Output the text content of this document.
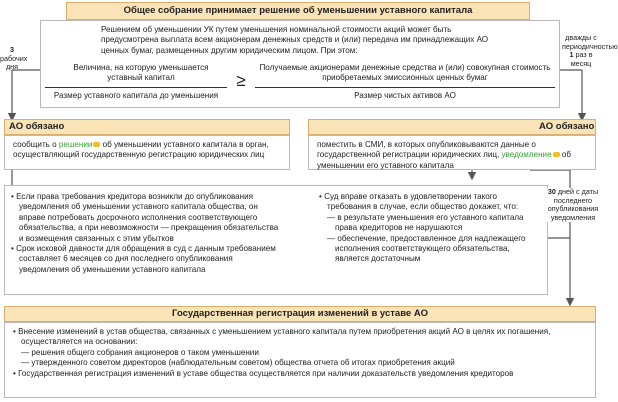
Общее собрание принимает решение об уменьшении уставного капитала
Решением об уменьшении УК путем уменьшения номинальной стоимости акций может быть предусмотрена выплата всем акционерам денежных средств и (или) передача им принадлежащих АО ценных бумаг, размещенных другим юридическим лицом. При этом:
Величина, на которую уменьшается уставный капитал
Размер уставного капитала до уменьшения
≥
Получаемые акционерами денежные средства и (или) совокупная стоимость приобретаемых эмиссионных ценных бумаг
Размер чистых активов АО
3
рабочих дня
дважды с периодичностью
1 раз в месяц
АО обязано
сообщить о решении об уменьшении уставного капитала в орган, осуществляющий государственную регистрацию юридических лиц
АО обязано
поместить в СМИ, в которых опубликовываются данные о государственной регистрации юридических лиц, уведомление об уменьшении его уставного капитала
• Если права требования кредитора возникли до опубликования уведомления об уменьшении уставного капитала общества, он вправе потребовать досрочного исполнения соответствующего обязательства, а при невозможности — прекращения обязательства и возмещения связанных с этим убытков
• Срок исковой давности для обращения в суд с данным требованием составляет 6 месяцев со дня последнего опубликования уведомления об уменьшении уставного капитала
• Суд вправе отказать в удовлетворении такого требования в случае, если общество докажет, что:
— в результате уменьшения его уставного капитала права кредиторов не нарушаются
— обеспечение, предоставленное для надлежащего исполнения соответствующего обязательства, является достаточным
30 дней с даты последнего опубликования уведомления
Государственная регистрация изменений в уставе АО
• Внесение изменений в устав общества, связанных с уменьшением уставного капитала путем приобретения акций АО в целях их погашения, осуществляется на основании:
— решения общего собрания акционеров о таком уменьшении
— утвержденного советом директоров (наблюдательным советом) общества отчета об итогах приобретения акций
• Государственная регистрация изменений в уставе общества осуществляется при наличии доказательств уведомления кредиторов
